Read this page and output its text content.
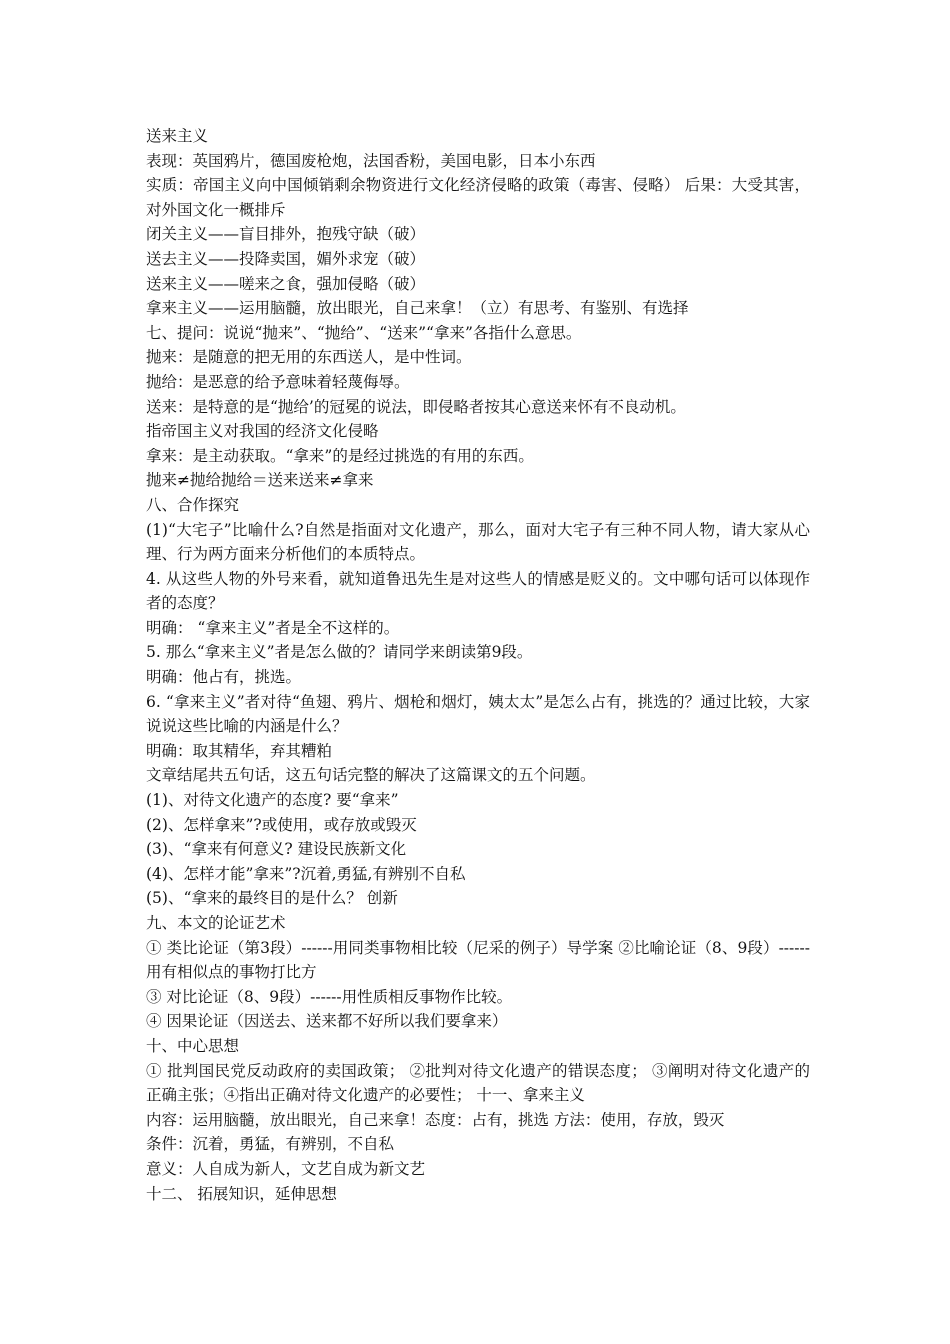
送来主义

表现：英国鸦片，德国废枪炮，法国香粉，美国电影，日本小东西

实质：帝国主义向中国倾销剩余物资进行文化经济侵略的政策（毒害、侵略） 后果：大受其害，对外国文化一概排斥

闭关主义——盲目排外，抱残守缺（破）

送去主义——投降卖国，媚外求宠（破）

送来主义——嗟来之食，强加侵略（破）

拿来主义——运用脑髓，放出眼光，自己来拿！（立）有思考、有鉴别、有选择

七、提问：说说“抛来”、“抛给”、“送来”“拿来”各指什么意思。

抛来：是随意的把无用的东西送人，是中性词。

抛给：是恶意的给予意味着轻蔑侮辱。

送来：是特意的是“抛给’的冠冕的说法，即侵略者按其心意送来怀有不良动机。

指帝国主义对我国的经济文化侵略

拿来：是主动获取。“拿来”的是经过挑选的有用的东西。

抛来≠抛给抛给＝送来送来≠拿来

八、合作探究

(1)“大宅子”比喻什么?自然是指面对文化遗产，那么，面对大宅子有三种不同人物，请大家从心理、行为两方面来分析他们的本质特点。

4. 从这些人物的外号来看，就知道鲁迅先生是对这些人的情感是贬义的。文中哪句话可以体现作者的态度？

明确： “拿来主义”者是全不这样的。

5. 那么“拿来主义”者是怎么做的？请同学来朗读第9段。

明确：他占有，挑选。

6. “拿来主义”者对待“鱼翅、鸦片、烟枪和烟灯，姨太太”是怎么占有，挑选的？通过比较，大家说说这些比喻的内涵是什么？

明确：取其精华，弃其糟粕

文章结尾共五句话，这五句话完整的解决了这篇课文的五个问题。

(1)、对待文化遗产的态度? 要“拿来”

(2)、怎样拿来”?或使用，或存放或毁灭

(3)、“拿来有何意义? 建设民族新文化

(4)、怎样才能”拿来”?沉着,勇猛,有辨别不自私

(5)、“拿来的最终目的是什么？ 创新

九、本文的论证艺术

① 类比论证（第3段）------用同类事物相比较（尼采的例子）导学案 ②比喻论证（8、9段）------用有相似点的事物打比方

③ 对比论证（8、9段）------用性质相反事物作比较。

④ 因果论证（因送去、送来都不好所以我们要拿来）

十、中心思想

① 批判国民党反动政府的卖国政策； ②批判对待文化遗产的错误态度； ③阐明对待文化遗产的正确主张；④指出正确对待文化遗产的必要性； 十一、拿来主义

内容：运用脑髓，放出眼光，自己来拿！态度：占有，挑选 方法：使用，存放，毁灭

条件：沉着，勇猛，有辨别，不自私

意义：人自成为新人，文艺自成为新文艺

十二、 拓展知识，延伸思想
